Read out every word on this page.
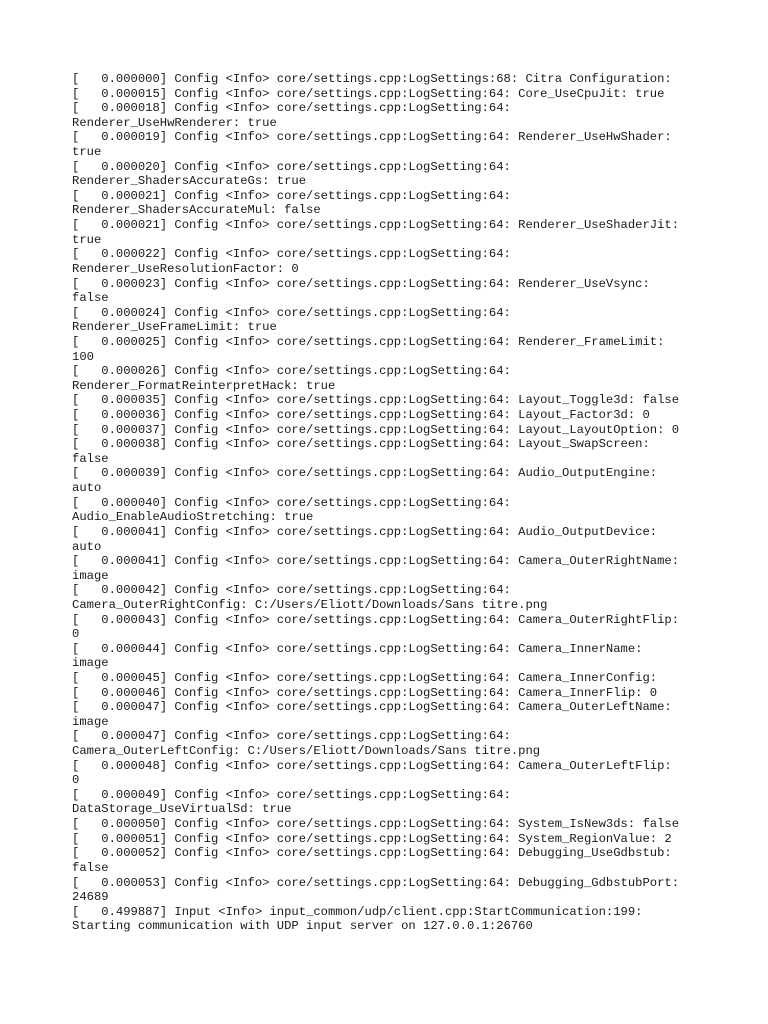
[   0.000000] Config <Info> core/settings.cpp:LogSettings:68: Citra Configuration:
[   0.000015] Config <Info> core/settings.cpp:LogSetting:64: Core_UseCpuJit: true
[   0.000018] Config <Info> core/settings.cpp:LogSetting:64:
Renderer_UseHwRenderer: true
[   0.000019] Config <Info> core/settings.cpp:LogSetting:64: Renderer_UseHwShader:
true
[   0.000020] Config <Info> core/settings.cpp:LogSetting:64:
Renderer_ShadersAccurateGs: true
[   0.000021] Config <Info> core/settings.cpp:LogSetting:64:
Renderer_ShadersAccurateMul: false
[   0.000021] Config <Info> core/settings.cpp:LogSetting:64: Renderer_UseShaderJit:
true
[   0.000022] Config <Info> core/settings.cpp:LogSetting:64:
Renderer_UseResolutionFactor: 0
[   0.000023] Config <Info> core/settings.cpp:LogSetting:64: Renderer_UseVsync:
false
[   0.000024] Config <Info> core/settings.cpp:LogSetting:64:
Renderer_UseFrameLimit: true
[   0.000025] Config <Info> core/settings.cpp:LogSetting:64: Renderer_FrameLimit:
100
[   0.000026] Config <Info> core/settings.cpp:LogSetting:64:
Renderer_FormatReinterpretHack: true
[   0.000035] Config <Info> core/settings.cpp:LogSetting:64: Layout_Toggle3d: false
[   0.000036] Config <Info> core/settings.cpp:LogSetting:64: Layout_Factor3d: 0
[   0.000037] Config <Info> core/settings.cpp:LogSetting:64: Layout_LayoutOption: 0
[   0.000038] Config <Info> core/settings.cpp:LogSetting:64: Layout_SwapScreen:
false
[   0.000039] Config <Info> core/settings.cpp:LogSetting:64: Audio_OutputEngine:
auto
[   0.000040] Config <Info> core/settings.cpp:LogSetting:64:
Audio_EnableAudioStretching: true
[   0.000041] Config <Info> core/settings.cpp:LogSetting:64: Audio_OutputDevice:
auto
[   0.000041] Config <Info> core/settings.cpp:LogSetting:64: Camera_OuterRightName:
image
[   0.000042] Config <Info> core/settings.cpp:LogSetting:64:
Camera_OuterRightConfig: C:/Users/Eliott/Downloads/Sans titre.png
[   0.000043] Config <Info> core/settings.cpp:LogSetting:64: Camera_OuterRightFlip:
0
[   0.000044] Config <Info> core/settings.cpp:LogSetting:64: Camera_InnerName:
image
[   0.000045] Config <Info> core/settings.cpp:LogSetting:64: Camera_InnerConfig:
[   0.000046] Config <Info> core/settings.cpp:LogSetting:64: Camera_InnerFlip: 0
[   0.000047] Config <Info> core/settings.cpp:LogSetting:64: Camera_OuterLeftName:
image
[   0.000047] Config <Info> core/settings.cpp:LogSetting:64:
Camera_OuterLeftConfig: C:/Users/Eliott/Downloads/Sans titre.png
[   0.000048] Config <Info> core/settings.cpp:LogSetting:64: Camera_OuterLeftFlip:
0
[   0.000049] Config <Info> core/settings.cpp:LogSetting:64:
DataStorage_UseVirtualSd: true
[   0.000050] Config <Info> core/settings.cpp:LogSetting:64: System_IsNew3ds: false
[   0.000051] Config <Info> core/settings.cpp:LogSetting:64: System_RegionValue: 2
[   0.000052] Config <Info> core/settings.cpp:LogSetting:64: Debugging_UseGdbstub:
false
[   0.000053] Config <Info> core/settings.cpp:LogSetting:64: Debugging_GdbstubPort:
24689
[   0.499887] Input <Info> input_common/udp/client.cpp:StartCommunication:199:
Starting communication with UDP input server on 127.0.0.1:26760
